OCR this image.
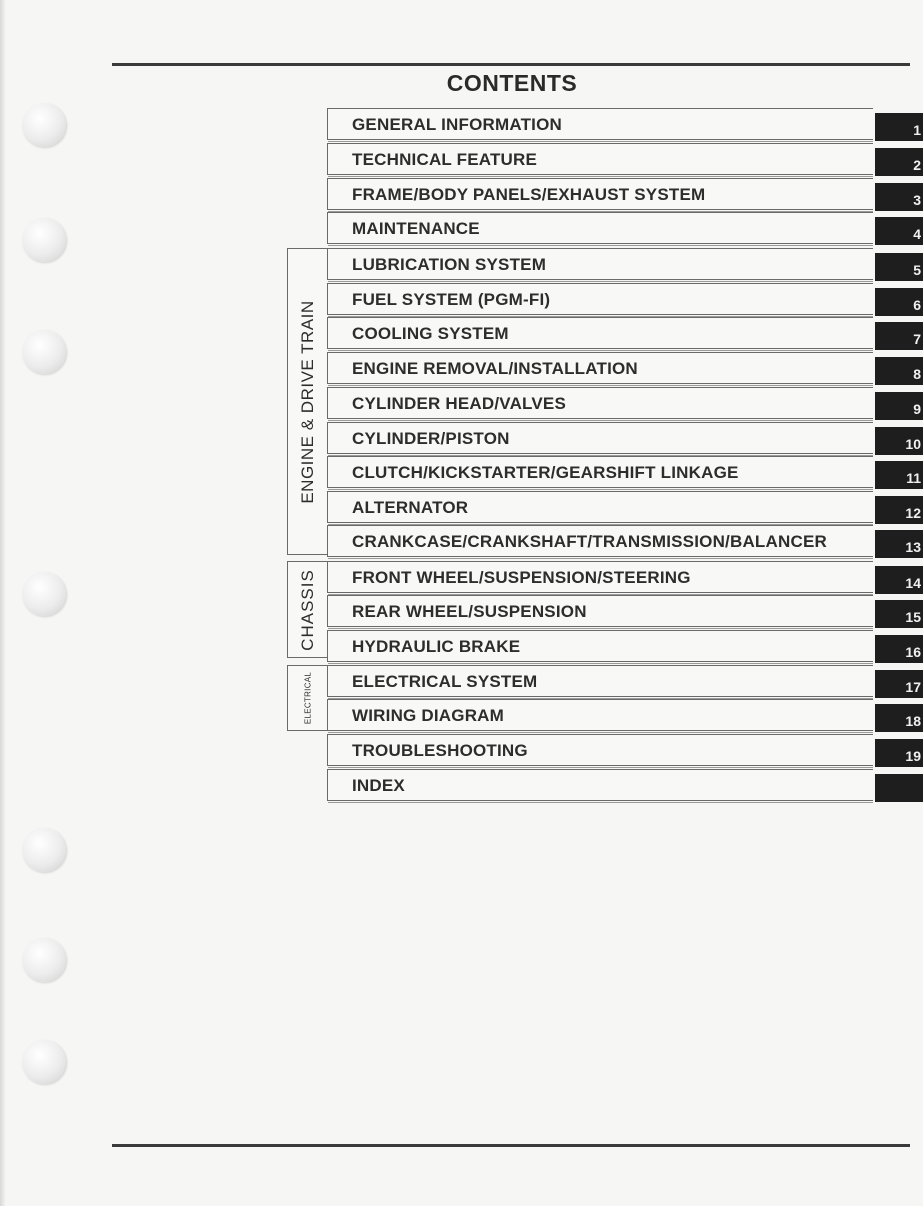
CONTENTS
ENGINE & DRIVE TRAIN
CHASSIS
ELECTRICAL
GENERAL INFORMATION	1
TECHNICAL FEATURE	2
FRAME/BODY PANELS/EXHAUST SYSTEM	3
MAINTENANCE	4
LUBRICATION SYSTEM	5
FUEL SYSTEM (PGM-FI)	6
COOLING SYSTEM	7
ENGINE REMOVAL/INSTALLATION	8
CYLINDER HEAD/VALVES	9
CYLINDER/PISTON	10
CLUTCH/KICKSTARTER/GEARSHIFT LINKAGE	11
ALTERNATOR	12
CRANKCASE/CRANKSHAFT/TRANSMISSION/BALANCER	13
FRONT WHEEL/SUSPENSION/STEERING	14
REAR WHEEL/SUSPENSION	15
HYDRAULIC BRAKE	16
ELECTRICAL SYSTEM	17
WIRING DIAGRAM	18
TROUBLESHOOTING	19
INDEX
